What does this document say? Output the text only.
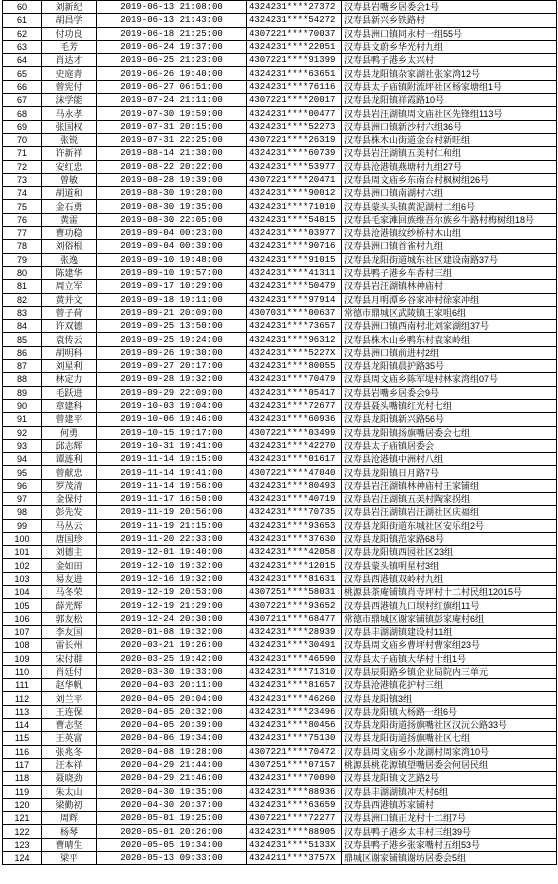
60	刘新纪	2019-06-13 21:08:00	4324231****27372	汉寿县岩嘴乡居委会1号
61	胡昌学	2019-06-13 21:43:00	4324231****54272	汉寿县新兴乡铁路村
62	付功良	2019-06-18 21:25:00	4307221****70037	汉寿县洲口镇同永村一组55号
63	毛芳	2019-06-24 19:37:00	4324231****22051	汉寿县文蔚乡华光村九组
64	肖达才	2019-06-25 21:23:00	4307221****91399	汉寿县鸭子港乡太兴村
65	史庭青	2019-06-26 19:40:00	4324231****63651	汉寿县龙阳镇杂家湖社张家湾12号
66	曾宪付	2019-06-27 06:51:00	4324231****76116	汉寿县太子庙镇附流坪社区杨家塘组1号
67	沫学能	2019-07-24 21:11:00	4307221****20017	汉寿县龙阳镇祥霞路10号
68	马永孝	2019-07-30 19:59:00	4324231****00477	汉寿县岩汪湖镇周文庙社区先锋组113号
69	张国权	2019-07-31 20:15:00	4324231****52273	汉寿县洲口镇新沙村六组36号
70	张锐	2019-07-31 22:25:00	4307221****26319	汉寿县株木山街道金台村新旺组
71	许新祥	2019-08-14 21:30:00	4324231****60739	汉寿县岩汪湖镇五美村仁和组
72	安红忠	2019-08-22 20:22:00	4324231****53977	汉寿县沧港镇燕塘村九组27号
73	曾敏	2019-08-28 19:39:00	4307221****20471	汉寿县周文庙乡东南台村枫树组26号
74	胡道和	2019-08-30 19:20:00	4324231****90012	汉寿县洲口镇南湖村六组
75	金石勇	2019-08-30 19:35:00	4324231****71010	汉寿县蒙头头镇黄泥湖村二组6号
76	黄雷	2019-08-30 22:05:00	4324231****54815	汉寿县毛家滩回族维吾尔族乡牛路村梅树组18号
77	曹功稳	2019-09-04 00:23:00	4324231****03977	汉寿县沧港镇纹纱桥村木山组
78	刘俗根	2019-09-04 00:39:00	4324231****90716	汉寿县洲口镇首雀村九组
79	张逸	2019-09-10 19:48:00	4324231****91015	汉寿县龙阳街道城东社区建设南路37号
80	陈建华	2019-09-10 19:57:00	4324231****41311	汉寿县鸭子港乡车香村三组
81	周立军	2019-09-17 10:29:00	4324231****50479	汉寿县岩汪湖镇林神庙村
82	黄并文	2019-09-18 19:11:00	4324231****97914	汉寿县月明潭乡谷家冲村徐家冲组
83	曾子荷	2019-09-21 20:09:00	4307031****00637	常德市鼎城区武陵镇王家咀6组
84	许双德	2019-09-25 13:50:00	4324231****73657	汉寿县洲口镇西南村北刘家湖组37号
85	袁传云	2019-09-25 19:24:00	4324231****96312	汉寿县株木山乡鸭东村袁家岭组
86	胡明科	2019-09-26 19:30:00	4324231****5227X	汉寿县洲口镇前进村2组
87	刘星利	2019-09-27 20:17:00	4324231****80055	汉寿县龙阳镇晨护路35号
88	林定力	2019-09-28 19:32:00	4324231****70479	汉寿县周文庙乡陈军堤村林家湾组07号
89	毛跃进	2019-09-29 22:09:00	4324231****05417	汉寿县岩嘴乡居委会9号
90	章建科	2019-10-03 19:04:00	4324231****72677	汉寿县聂头嘴镇红光村七组
91	曾建平	2019-10-06 19:46:00	4324231****60936	汉寿县龙阳镇新兴路56号
92	何勇	2019-10-15 19:17:00	4307221****03499	汉寿县龙阳镇扬旗嘴居委会七组
93	邱志辉	2019-10-31 19:41:00	4324231****42270	汉寿县太子庙镇居委会
94	谭涟利	2019-11-14 19:15:00	4324231****01617	汉寿县沧港镇中洲村八组
95	曾献忠	2019-11-14 19:41:00	4307221****47040	汉寿县龙阳镇日月路7号
96	罗茂清	2019-11-14 19:56:00	4324231****80493	汉寿县岩汪湖镇林神庙村王家铺组
97	金保付	2019-11-17 16:50:00	4324231****40719	汉寿县岩汪湖镇五美村陶家拐组
98	彭先发	2019-11-19 20:56:00	4324231****70735	汉寿县岩汪湖镇岩汪湖社区庆福组
99	马丛云	2019-11-19 21:15:00	4324231****93653	汉寿县龙阳街道东城社区安乐组2号
100	唐国珍	2019-11-20 22:33:00	4324231****37630	汉寿县龙阳镇范家路68号
101	刘德主	2019-12-01 19:40:00	4324231****42058	汉寿县龙阳镇西园社区23组
102	金如田	2019-12-10 19:32:00	4324231****12015	汉寿县蒙头镇明星村3组
103	易友进	2019-12-16 19:32:00	4324231****81631	汉寿县西港镇双岭村九组
104	马冬荣	2019-12-19 20:53:00	4307251****58031	桃源县茶庵铺镇肖寺坪村十二村民组12015号
105	薛光辉	2019-12-19 21:29:00	4307221****93652	汉寿县西港镇九口坝村红旗组11号
106	郭友松	2019-12-24 20:30:00	4307211****68477	常德市鼎城区谢家铺镇彭家庵村6组
107	李友国	2020-01-08 19:32:00	4324231****28939	汉寿县丰湖湖镇建设村11组
108	雷长州	2020-03-21 19:26:00	4324231****30491	汉寿县周文庙乡曹坪村曹家组23号
109	宋付群	2020-03-25 19:42:00	4324231****46590	汉寿县太子庙镇大华村十组1号
110	肖廷付	2020-03-30 19:33:00	4324231****71310	汉寿县辰阳路乡镇企业局院内三单元
111	赵华帆	2020-04-03 20:11:00	4324231****81657	汉寿县沧港镇花护村三组
112	刘兰平	2020-04-05 20:04:00	4324231****46260	汉寿县龙阳镇3组
113	王连保	2020-04-05 20:32:00	4324231****23496	汉寿县龙阳镇大杨路一组6号
114	曹志坚	2020-04-05 20:39:00	4324231****80456	汉寿县龙阳街道扬旗嘴社区汉沅公路33号
115	王英富	2020-04-06 19:34:00	4324231****75130	汉寿县龙阳街道扬旗嘴社区七组
116	张兆冬	2020-04-08 19:28:00	4307221****70472	汉寿县周文庙乡小龙湖村周家湾10号
117	汪本祥	2020-04-29 21:44:00	4307251****07157	桃源县桃花源镇望嘴居委会何居民组
118	聂晓劲	2020-04-29 21:46:00	4324231****70090	汉寿县龙阳镇文艺路2号
119	朱太山	2020-04-30 19:35:00	4324231****88936	汉寿县丰湖湖镇冲天村6组
120	梁勤初	2020-04-30 20:37:00	4324231****63659	汉寿县西港镇苏家铺村
121	周辉	2020-05-01 19:25:00	4307221****72277	汉寿县洲口镇正龙村十二组7号
122	杨琴	2020-05-01 20:26:00	4324231****88905	汉寿县鸭子港乡太丰村三组39号
123	曹晴生	2020-05-05 19:34:00	4324231****5133X	汉寿县鸭子港乡张家嘴村五组53号
124	梁平	2020-05-13 09:33:00	4324211****3757X	鼎城区谢家铺镇谢坊居委会5组
